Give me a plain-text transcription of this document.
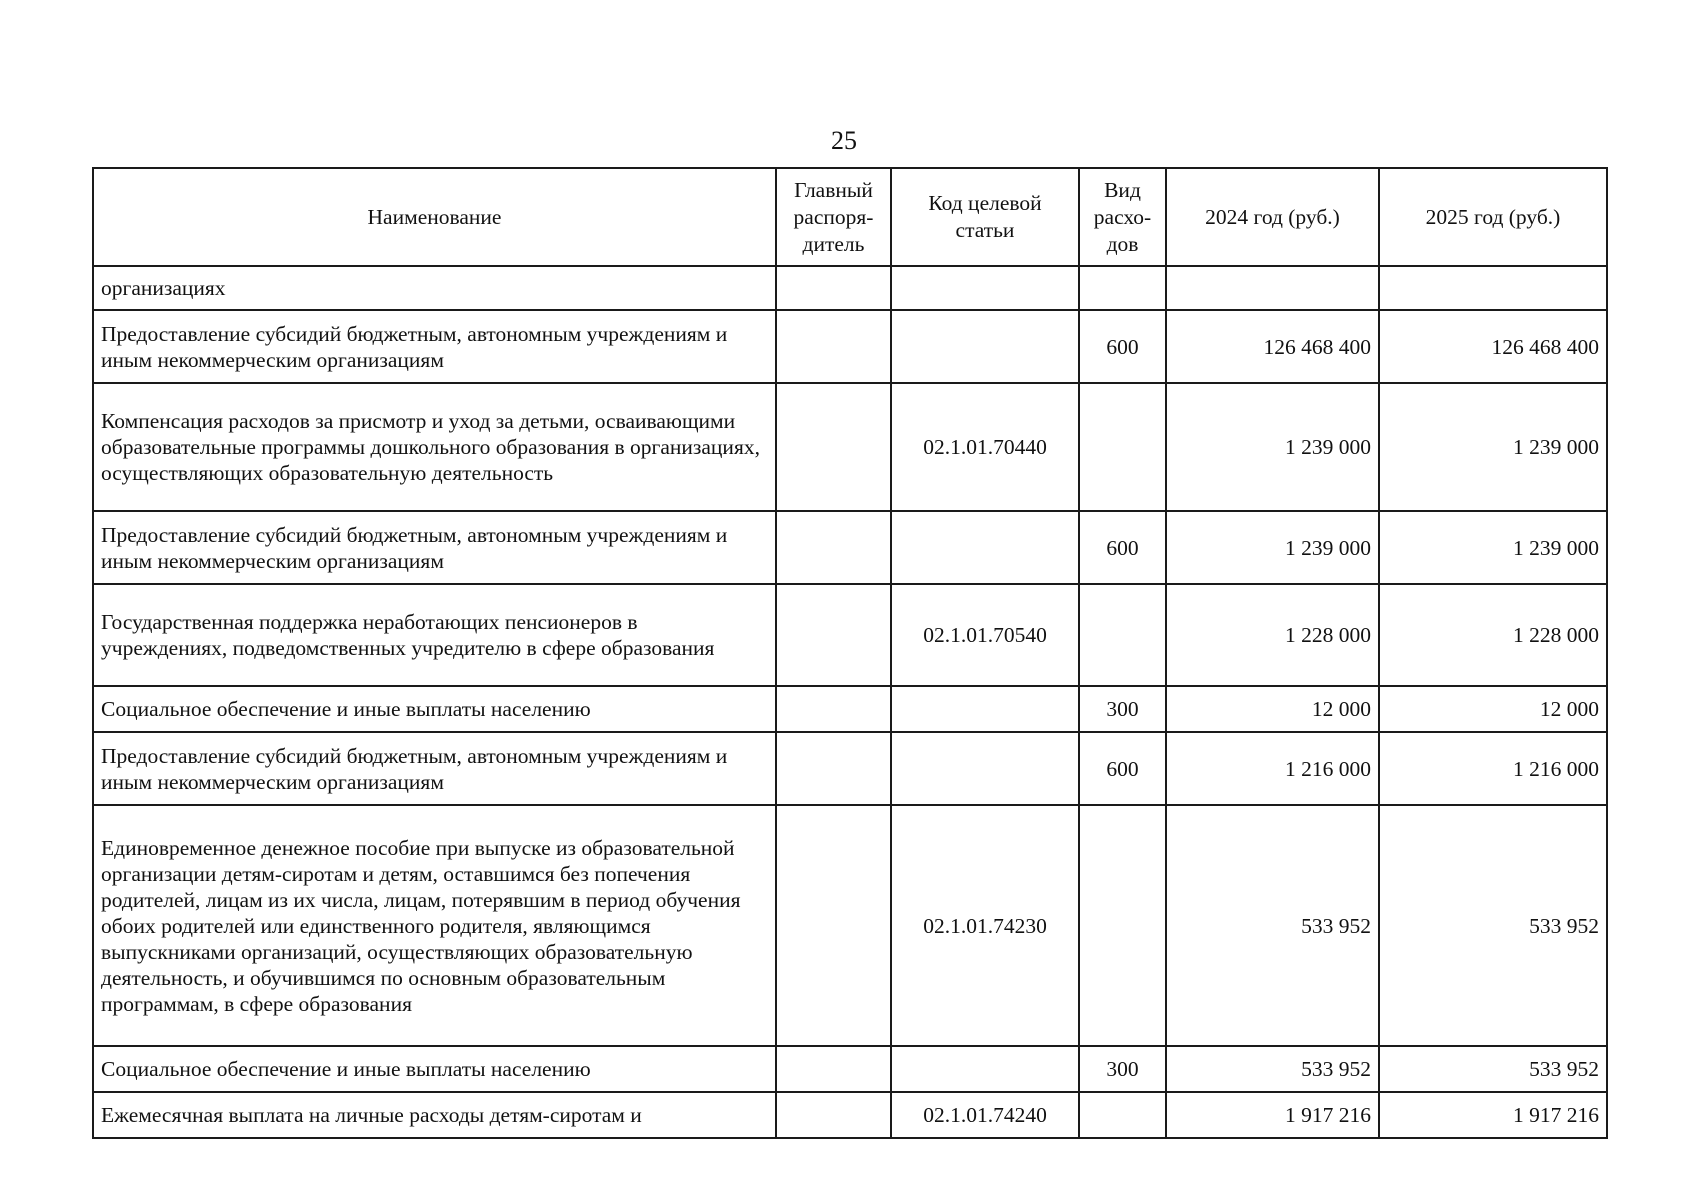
25
Наименование	Главный распоря-дитель	Код целевой статьи	Вид расхо-дов	2024 год (руб.)	2025 год (руб.)
организациях					
Предоставление субсидий бюджетным, автономным учреждениям и иным некоммерческим организациям			600	126 468 400	126 468 400
Компенсация расходов за присмотр и уход за детьми, осваивающими образовательные программы дошкольного образования в организациях, осуществляющих образовательную деятельность		02.1.01.70440		1 239 000	1 239 000
Предоставление субсидий бюджетным, автономным учреждениям и иным некоммерческим организациям			600	1 239 000	1 239 000
Государственная поддержка неработающих пенсионеров в учреждениях, подведомственных учредителю в сфере образования		02.1.01.70540		1 228 000	1 228 000
Социальное обеспечение и иные выплаты населению			300	12 000	12 000
Предоставление субсидий бюджетным, автономным учреждениям и иным некоммерческим организациям			600	1 216 000	1 216 000
Единовременное денежное пособие при выпуске из образовательной организации детям-сиротам и детям, оставшимся без попечения родителей, лицам из их числа, лицам, потерявшим в период обучения обоих родителей или единственного родителя, являющимся выпускниками организаций, осуществляющих образовательную деятельность, и обучившимся по основным образовательным программам, в сфере образования		02.1.01.74230		533 952	533 952
Социальное обеспечение и иные выплаты населению			300	533 952	533 952
Ежемесячная выплата на личные расходы детям-сиротам и		02.1.01.74240		1 917 216	1 917 216
